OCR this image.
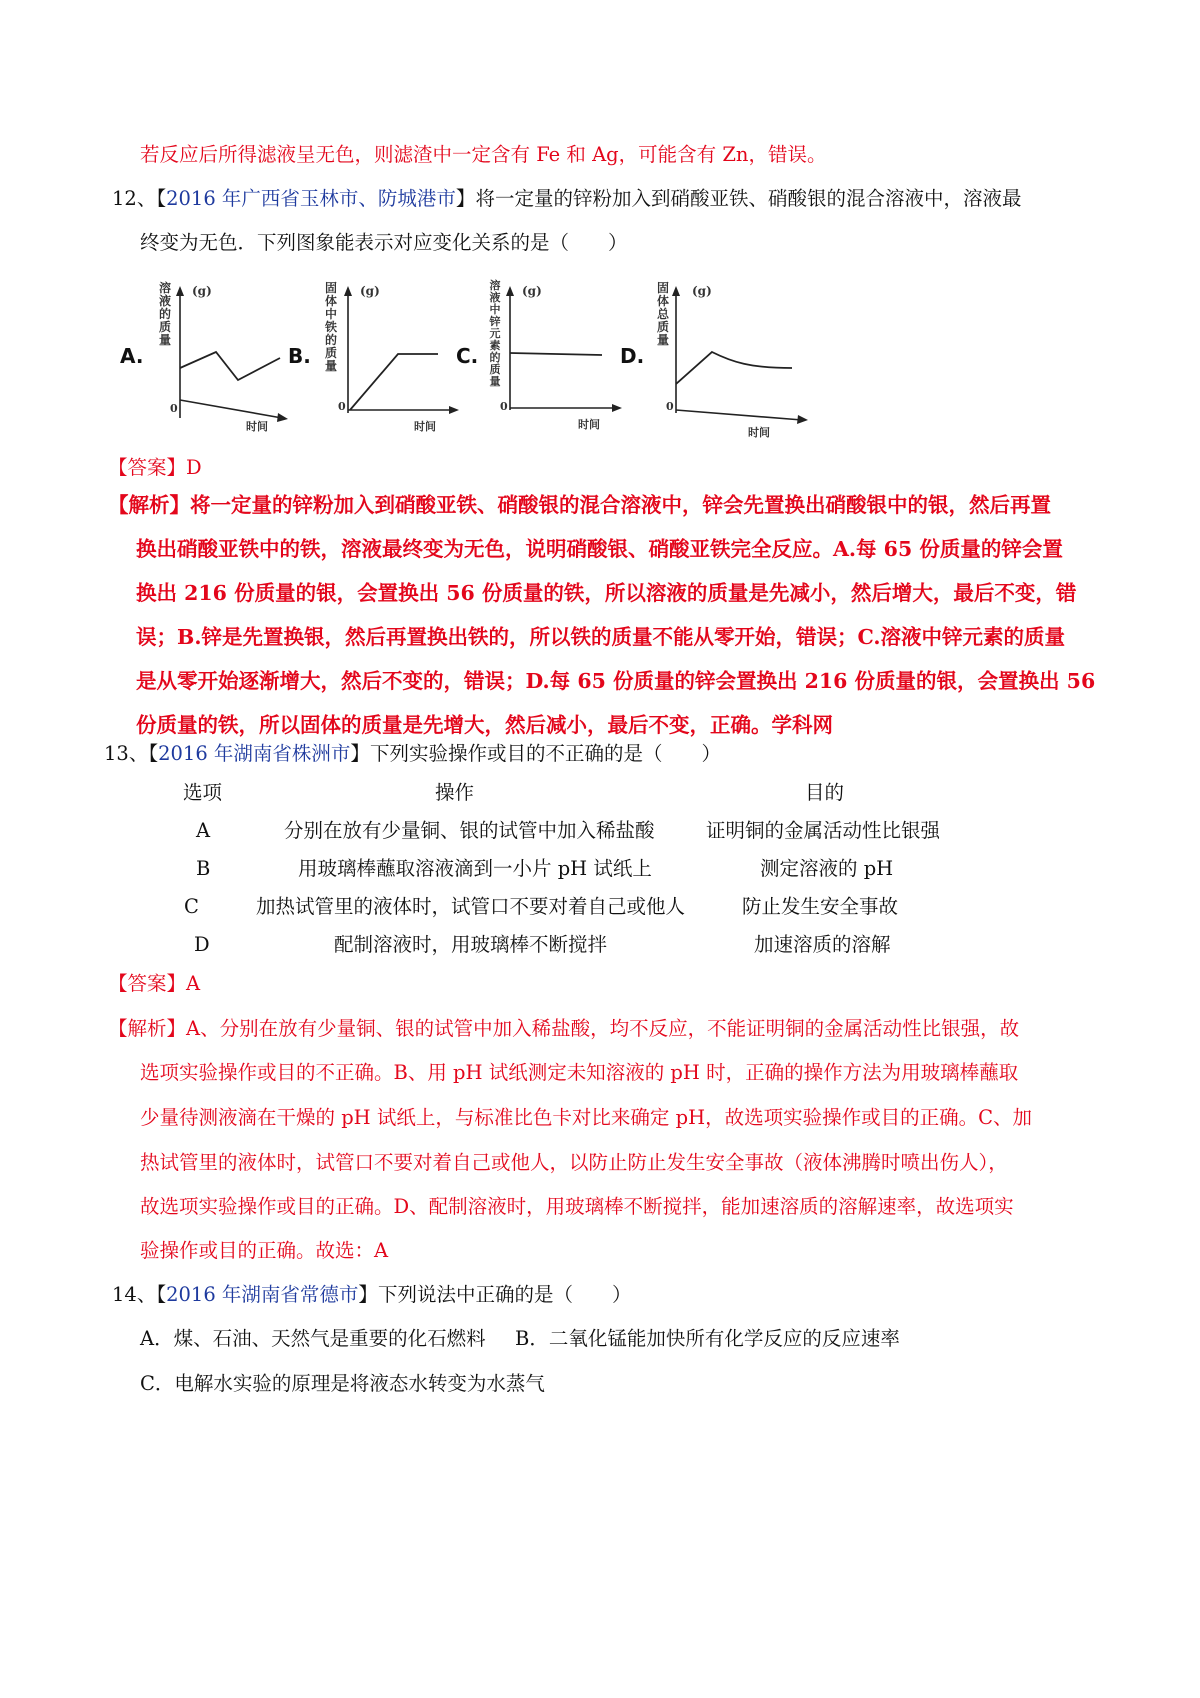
若反应后所得滤液呈无色，则滤渣中一定含有 Fe 和 Ag，可能含有 Zn，错误。
12、【2016 年广西省玉林市、防城港市】将一定量的锌粉加入到硝酸亚铁、硝酸银的混合溶液中，溶液最
终变为无色．下列图象能表示对应变化关系的是（　　）
A.
溶液的质量
(g)
0
时间
B.
固体中铁的质量
(g)
0
时间
C.
溶液中锌元素的质量
(g)
0
时间
D.
固体总质量
(g)
0
时间
【答案】D
【解析】将一定量的锌粉加入到硝酸亚铁、硝酸银的混合溶液中，锌会先置换出硝酸银中的银，然后再置
换出硝酸亚铁中的铁，溶液最终变为无色，说明硝酸银、硝酸亚铁完全反应。A.每 65 份质量的锌会置
换出 216 份质量的银，会置换出 56 份质量的铁，所以溶液的质量是先减小，然后增大，最后不变，错
误；B.锌是先置换银，然后再置换出铁的，所以铁的质量不能从零开始，错误；C.溶液中锌元素的质量
是从零开始逐渐增大，然后不变的，错误；D.每 65 份质量的锌会置换出 216 份质量的银，会置换出 56
份质量的铁，所以固体的质量是先增大，然后减小，最后不变，正确。学科网
13、【2016 年湖南省株洲市】下列实验操作或目的不正确的是（　　）
选项	操作	目的
A	分别在放有少量铜、银的试管中加入稀盐酸	证明铜的金属活动性比银强
B	用玻璃棒蘸取溶液滴到一小片 pH 试纸上	测定溶液的 pH
C	加热试管里的液体时，试管口不要对着自己或他人	防止发生安全事故
D	配制溶液时，用玻璃棒不断搅拌	加速溶质的溶解
【答案】A
【解析】A、分别在放有少量铜、银的试管中加入稀盐酸，均不反应，不能证明铜的金属活动性比银强，故
选项实验操作或目的不正确。B、用 pH 试纸测定未知溶液的 pH 时，正确的操作方法为用玻璃棒蘸取
少量待测液滴在干燥的 pH 试纸上，与标准比色卡对比来确定 pH，故选项实验操作或目的正确。C、加
热试管里的液体时，试管口不要对着自己或他人，以防止防止发生安全事故（液体沸腾时喷出伤人），
故选项实验操作或目的正确。D、配制溶液时，用玻璃棒不断搅拌，能加速溶质的溶解速率，故选项实
验操作或目的正确。故选：A
14、【2016 年湖南省常德市】下列说法中正确的是（　　）
A．煤、石油、天然气是重要的化石燃料 B．二氧化锰能加快所有化学反应的反应速率
C．电解水实验的原理是将液态水转变为水蒸气
